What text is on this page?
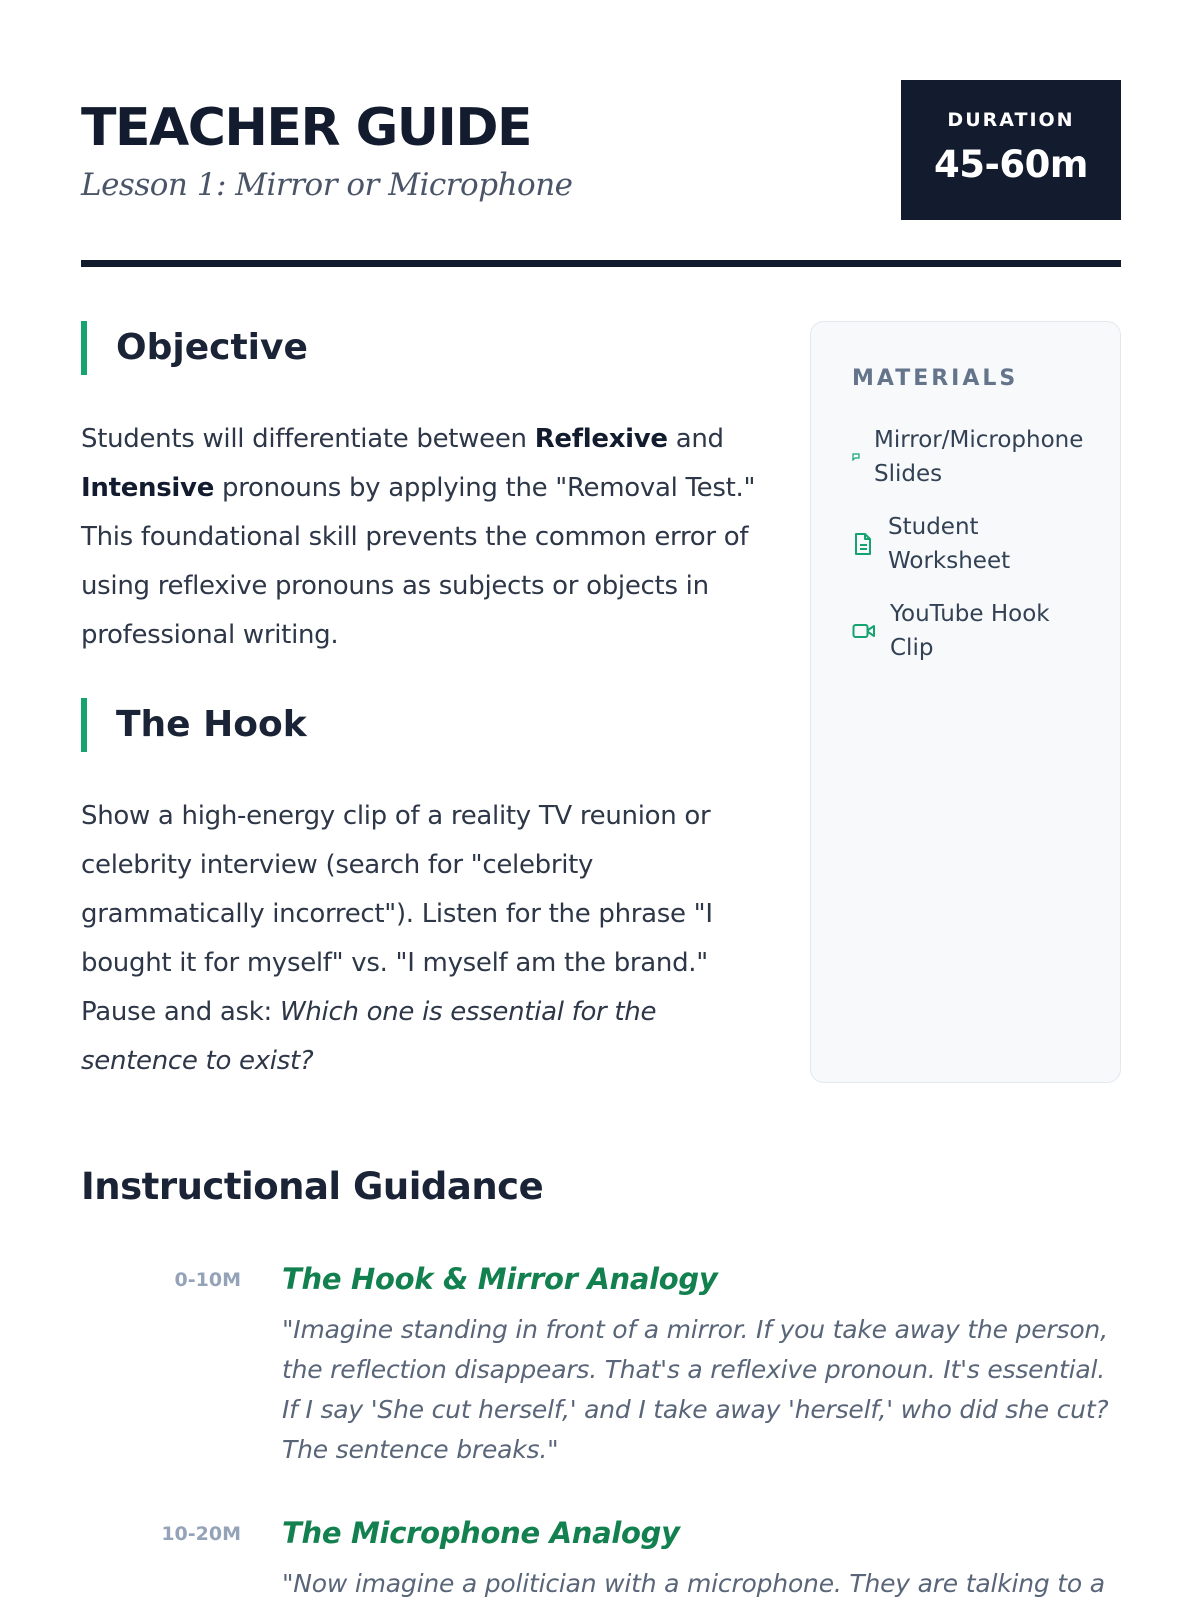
TEACHER GUIDE
Lesson 1: Mirror or Microphone
DURATION
45-60m
Objective

Students will differentiate between Reflexive and Intensive pronouns by applying the "Removal Test." This foundational skill prevents the common error of using reflexive pronouns as subjects or objects in professional writing.

The Hook

Show a high-energy clip of a reality TV reunion or celebrity interview (search for "celebrity grammatically incorrect"). Listen for the phrase "I bought it for myself" vs. "I myself am the brand." Pause and ask: Which one is essential for the sentence to exist?

MATERIALS
Mirror/Microphone Slides
Student Worksheet
YouTube Hook Clip
Instructional Guidance
0-10M The Hook & Mirror Analogy

"Imagine standing in front of a mirror. If you take away the person, the reflection disappears. That's a reflexive pronoun. It's essential. If I say 'She cut herself,' and I take away 'herself,' who did she cut? The sentence breaks."

10-20M The Microphone Analogy

"Now imagine a politician with a microphone. They are talking to a
